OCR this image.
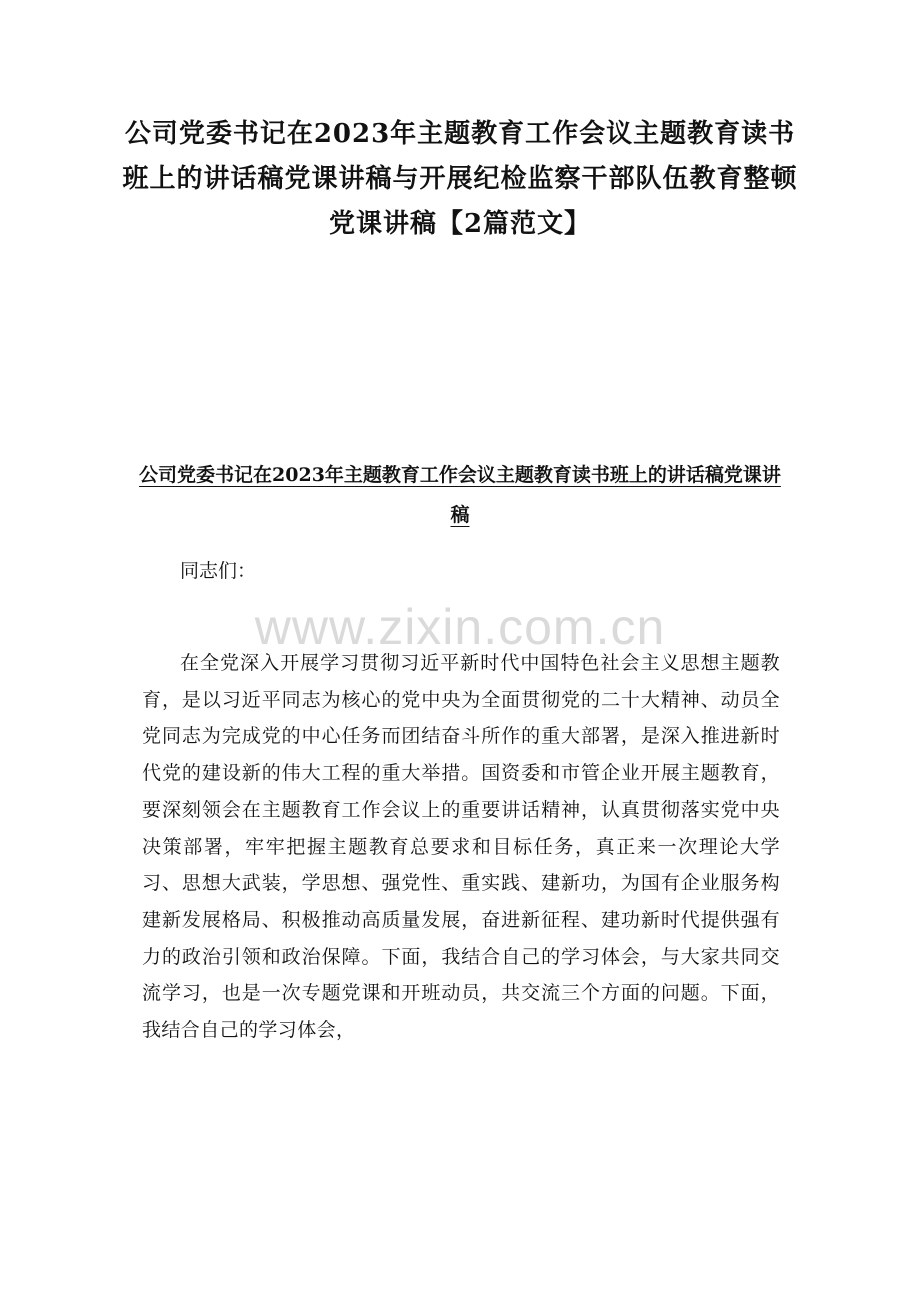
公司党委书记在2023年主题教育工作会议主题教育读书班上的讲话稿党课讲稿与开展纪检监察干部队伍教育整顿党课讲稿【2篇范文】
公司党委书记在2023年主题教育工作会议主题教育读书班上的讲话稿党课讲稿

同志们：

www.zixin.com.cn

在全党深入开展学习贯彻习近平新时代中国特色社会主义思想主题教育，是以习近平同志为核心的党中央为全面贯彻党的二十大精神、动员全党同志为完成党的中心任务而团结奋斗所作的重大部署，是深入推进新时代党的建设新的伟大工程的重大举措。国资委和市管企业开展主题教育，要深刻领会在主题教育工作会议上的重要讲话精神，认真贯彻落实党中央决策部署，牢牢把握主题教育总要求和目标任务，真正来一次理论大学习、思想大武装，学思想、强党性、重实践、建新功，为国有企业服务构建新发展格局、积极推动高质量发展，奋进新征程、建功新时代提供强有力的政治引领和政治保障。下面，我结合自己的学习体会，与大家共同交流学习，也是一次专题党课和开班动员，共交流三个方面的问题。下面，我结合自己的学习体会，
